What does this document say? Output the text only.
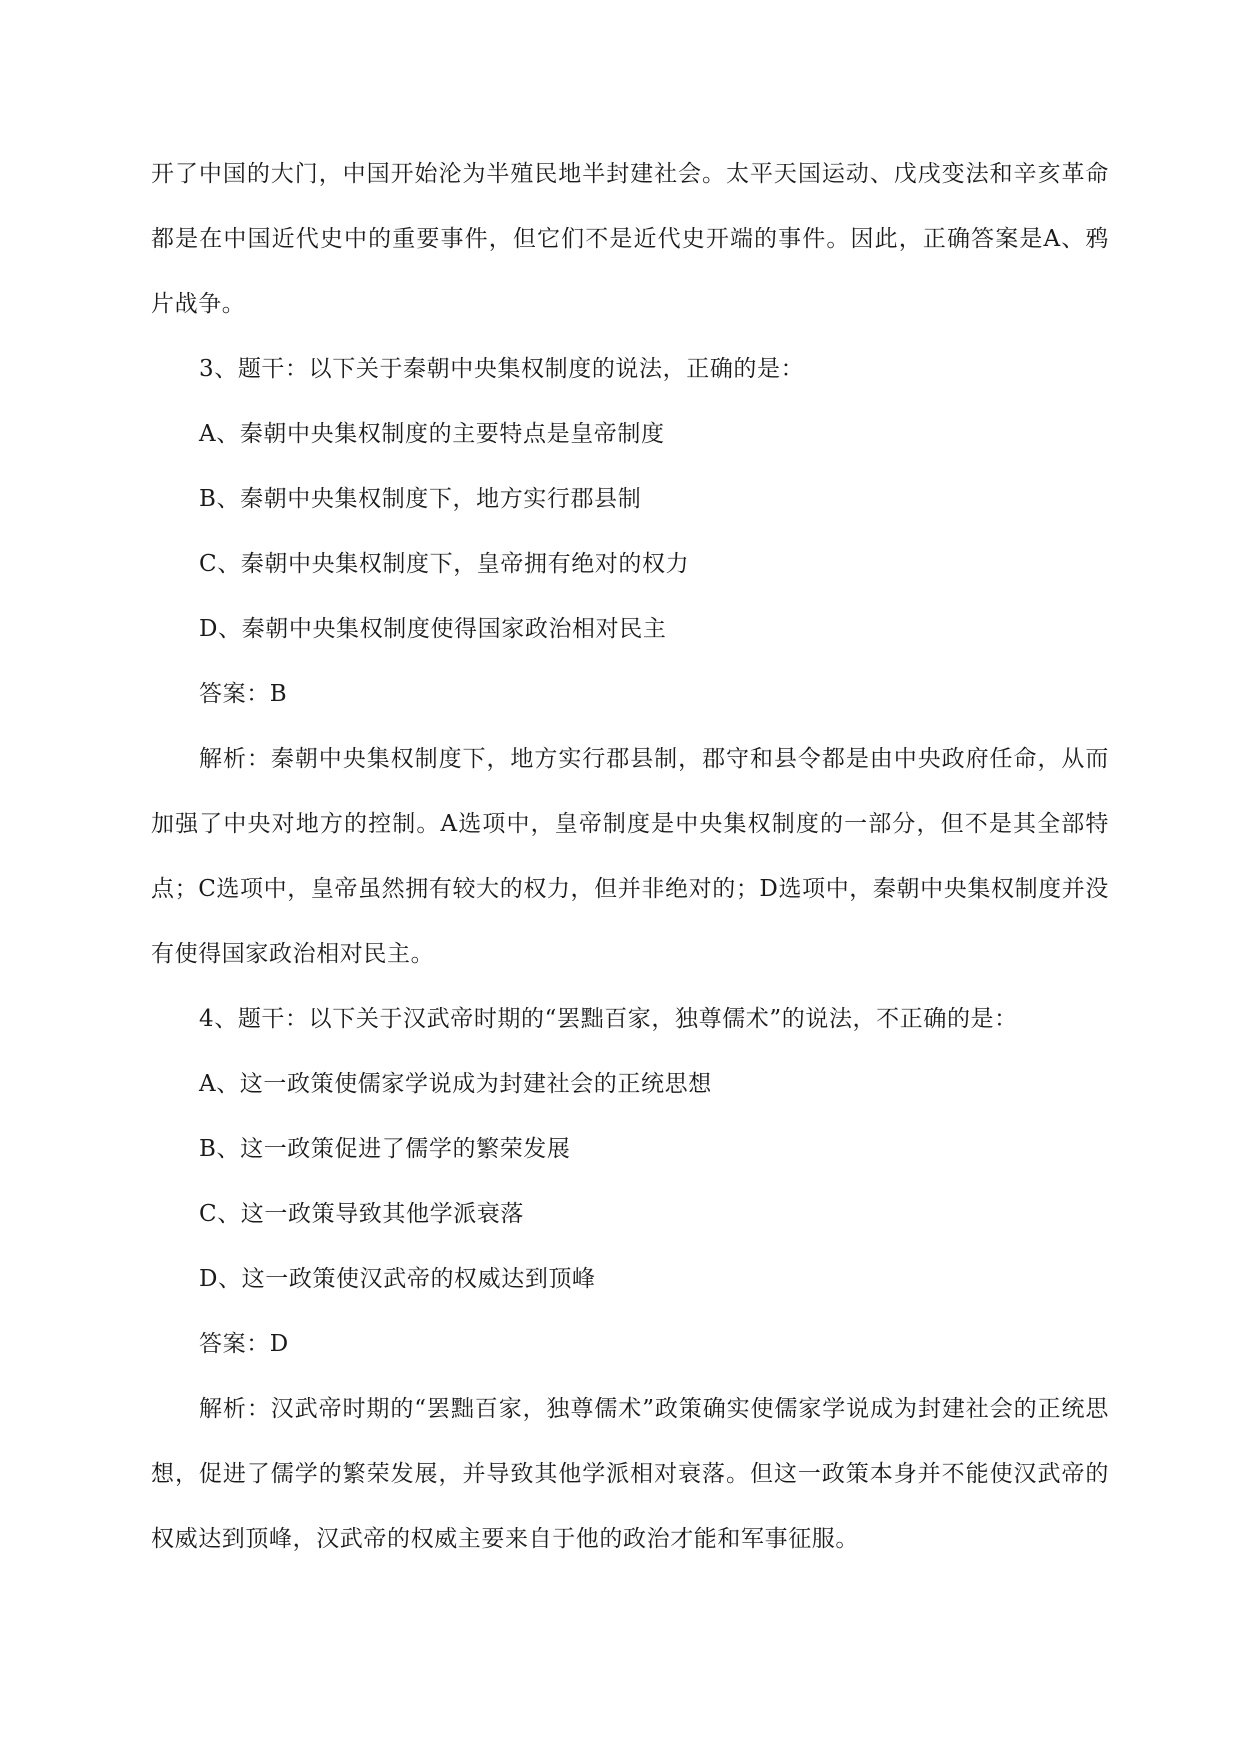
开了中国的大门，中国开始沦为半殖民地半封建社会。太平天国运动、戊戌变法和辛亥革命都是在中国近代史中的重要事件，但它们不是近代史开端的事件。因此，正确答案是A、鸦片战争。

3、题干：以下关于秦朝中央集权制度的说法，正确的是：

A、秦朝中央集权制度的主要特点是皇帝制度

B、秦朝中央集权制度下，地方实行郡县制

C、秦朝中央集权制度下，皇帝拥有绝对的权力

D、秦朝中央集权制度使得国家政治相对民主

答案：B

解析：秦朝中央集权制度下，地方实行郡县制，郡守和县令都是由中央政府任命，从而加强了中央对地方的控制。A选项中，皇帝制度是中央集权制度的一部分，但不是其全部特点；C选项中，皇帝虽然拥有较大的权力，但并非绝对的；D选项中，秦朝中央集权制度并没有使得国家政治相对民主。

4、题干：以下关于汉武帝时期的“罢黜百家，独尊儒术”的说法，不正确的是：

A、这一政策使儒家学说成为封建社会的正统思想

B、这一政策促进了儒学的繁荣发展

C、这一政策导致其他学派衰落

D、这一政策使汉武帝的权威达到顶峰

答案：D

解析：汉武帝时期的“罢黜百家，独尊儒术”政策确实使儒家学说成为封建社会的正统思想，促进了儒学的繁荣发展，并导致其他学派相对衰落。但这一政策本身并不能使汉武帝的权威达到顶峰，汉武帝的权威主要来自于他的政治才能和军事征服。
